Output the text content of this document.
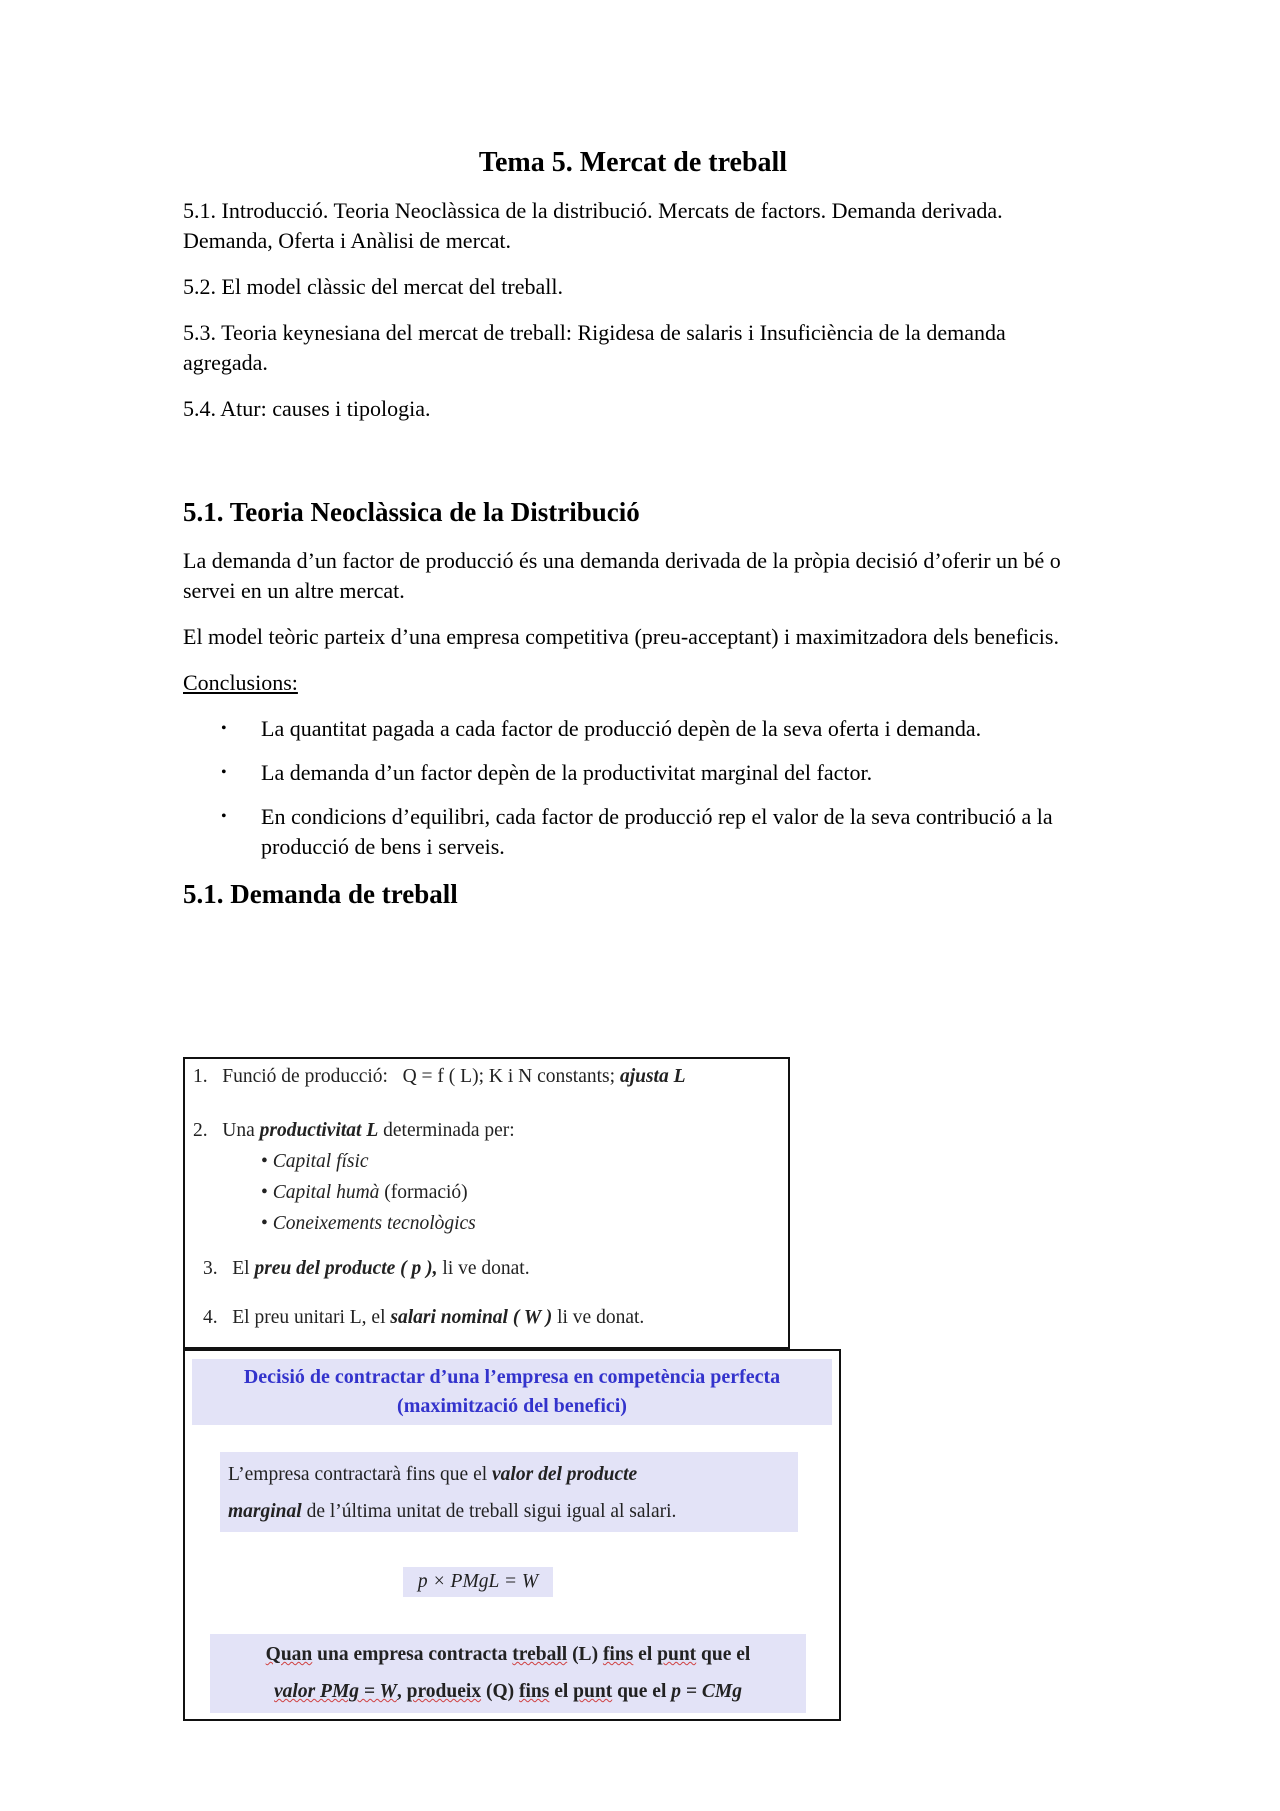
Tema 5. Mercat de treball
5.1. Introducció. Teoria Neoclàssica de la distribució. Mercats de factors. Demanda derivada. Demanda, Oferta i Anàlisi de mercat.
5.2. El model clàssic del mercat del treball.
5.3. Teoria keynesiana del mercat de treball: Rigidesa de salaris i Insuficiència de la demanda agregada.
5.4. Atur: causes i tipologia.
5.1. Teoria Neoclàssica de la Distribució
La demanda d’un factor de producció és una demanda derivada de la pròpia decisió d’oferir un bé o servei en un altre mercat.
El model teòric parteix d’una empresa competitiva (preu-acceptant) i maximitzadora dels beneficis.
Conclusions:
• La quantitat pagada a cada factor de producció depèn de la seva oferta i demanda.
• La demanda d’un factor depèn de la productivitat marginal del factor.
• En condicions d’equilibri, cada factor de producció rep el valor de la seva contribució a la producció de bens i serveis.
5.1. Demanda de treball
1. Funció de producció: Q = f ( L); K i N constants; ajusta L
2. Una productivitat L determinada per:
• Capital físic
• Capital humà (formació)
• Coneixements tecnològics
3. El preu del producte ( p ), li ve donat.
4. El preu unitari L, el salari nominal ( W ) li ve donat.
Decisió de contractar d’una l’empresa en competència perfecta
(maximització del benefici)
L’empresa contractarà fins que el valor del producte
marginal de l’última unitat de treball sigui igual al salari.
p × PMgL = W
Quan una empresa contracta treball (L) fins el punt que el
valor PMg = W, produeix (Q) fins el punt que el p = CMg
